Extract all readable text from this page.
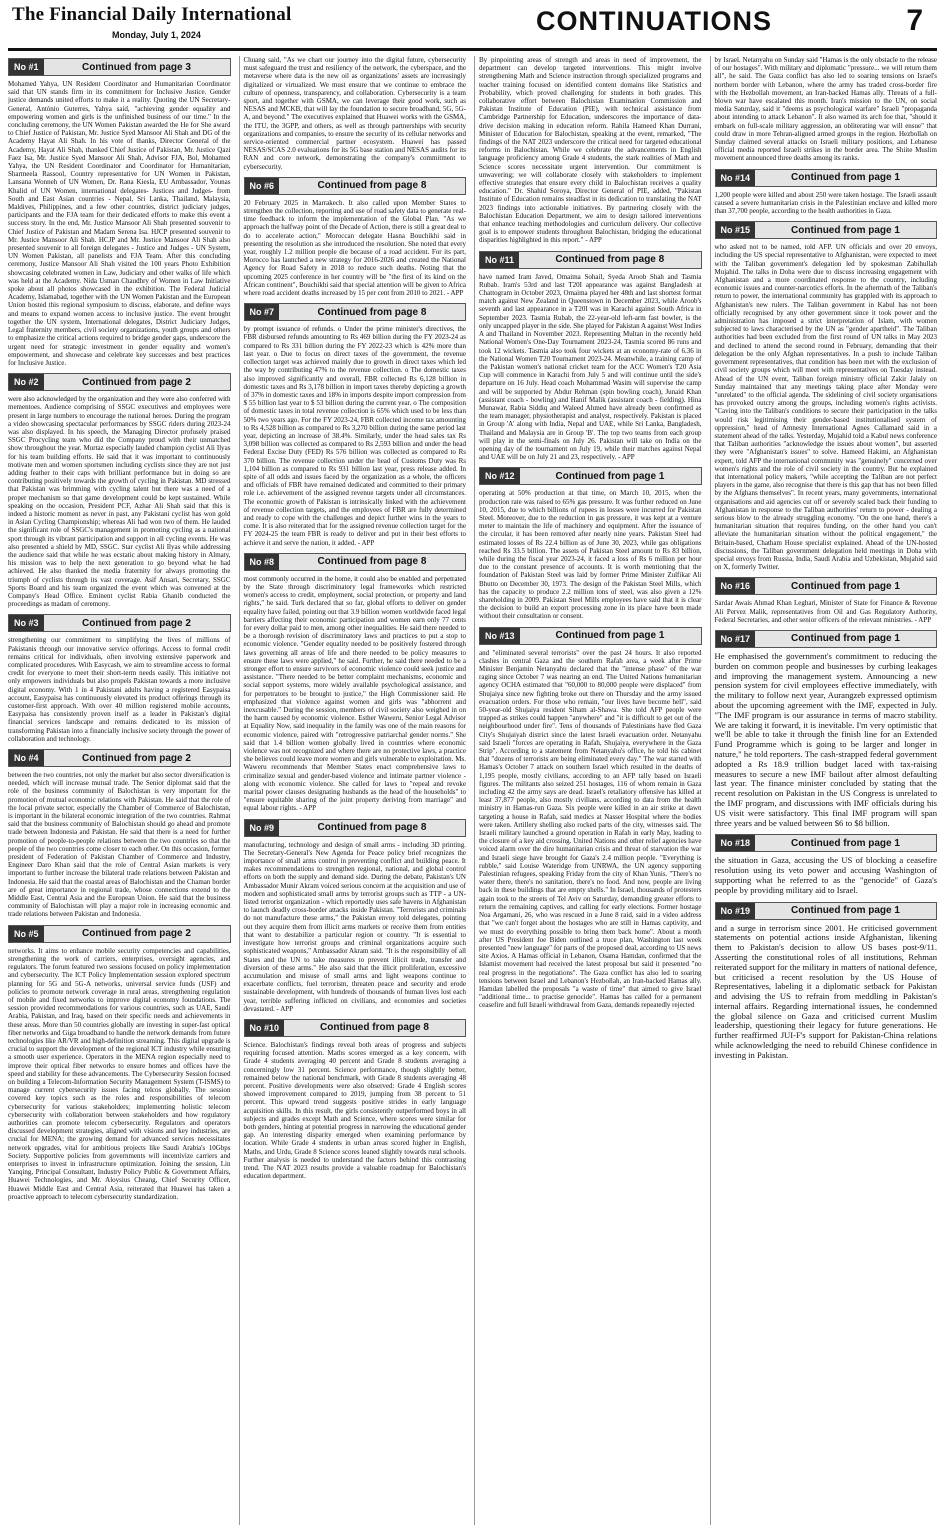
The Financial Daily International
Monday, July 1, 2024	CONTINUATIONS	7
No #1	Continued from page 3

Mohamed Yahya, UN Resident Coordinator and Humanitarian Coordinator said that UN stands firm in its commitment for Inclusive Justice. Gender justice demands united efforts to make it a reality. Quoting the UN Secretary-General, António Guterres, Yahya said, "achieving gender equality and empowering women and girls is the unfinished business of our time." In the concluding ceremony, the UN Women Pakistan awarded the He for She award to Chief Justice of Pakistan, Mr. Justice Syed Mansoor Ali Shah and DG of the Academy Hayat Ali Shah. In his vote of thanks, Director General of the Academy, Hayat Ali Shah, thanked Chief Justice of Pakistan, Mr. Justice Qazi Faez Isa, Mr. Justice Syed Mansoor Ali Shah, Advisor FJA, Bol, Mohamed Yahya, the UN Resident Coordinator and Coordinator for Humanitarian, Sharmeela Rassool, Country representative for UN Women in Pakistan, Lansana Wonneh of UN Women, Dr. Rana Kiesla, EU Ambassador, Younas Khalid of UN Women, international delegates- Justices and Judges- from South and East Asian countries - Nepal, Sri Lanka, Thailand, Malaysia, Maldives, Philippines, and a few other countries, district judiciary judges, participants and the FJA team for their dedicated efforts to make this event a success story. In the end, Mr. Justice Mansoor Ali Shah presented souvenir to Chief Justice of Pakistan and Madam Serena Isa. HJCP presented souvenir to Mr. Justice Mansoor Ali Shah. HCJP and Mr. Justice Mansoor Ali Shah also presented souvenir to all foreign delegates - Justice and Judges - UN System, UN Women Pakistan, all panelists and FJA Team. After this concluding ceremony, Justice Mansoor Ali Shah visited the 100 years Photo Exhibition showcasing celebrated women in Law, Judiciary and other walks of life which was held at the Academy. Nida Usman Chaudhry of Women in Law Initiative spoke about all photos showcased in the exhibition. The Federal Judicial Academy, Islamabad, together with the UN Women Pakistan and the European Union hosted this regional symposium to discuss, elaborate, and define ways and means to expand women access to inclusive justice. The event brought together the UN system, International delegates, District Judiciary Judges, Legal fraternity members, civil society organizations, youth groups and others to emphasize the critical actions required to bridge gender gaps, underscore the urgent need for strategic investment in gender equality and women's empowerment, and showcase and celebrate key successes and best practices for Inclusive Justice.

No #2	Continued from page 2

were also acknowledged by the organization and they were also conferred with mementoes. Audience comprising of SSGC executives and employees were present in large numbers to encourage the national heroes. During the program a video showcasing spectacular performances by SSGC riders during 2023-24 was also displayed. In his speech, the Managing Director profusely praised SSGC Procycling team who did the Company proud with their unmatched show throughout the year. Murtaz especially lauded champion cyclist Ali Ilyas for his team building efforts. He said that it was important to continuously motivate men and women sportsmen including cyclists since they are not just adding feather to their caps with brilliant performance but in doing so are contributing positively towards the growth of cycling in Pakistan. MD stressed that Pakistan was brimming with cycling talent but there was a need of a proper mechanism so that game development could be kept sustained. While speaking on the occasion, President PCF, Azhar Ali Shah said that this is indeed a historic moment as never in past, any Pakistani cyclist has won gold in Asian Cycling Championship; whereas Ali had won two of them. He lauded the significant role of SSGC's management in promoting cycling as a national sport through its vibrant participation and support in all cycling events. He was also presented a shield by MD, SSGC. Star cyclist Ali Ilyas while addressing the audience said that while he was ecstatic about making history in Almaty, his mission was to help the next generation to go beyond what he had achieved. He also thanked the media fraternity for always promoting the triumph of cyclists through its vast coverage. Asif Ansari, Secretary, SSGC Sports Board and his team organized the event which was convened at the Company's Head Office. Eminent cyclist Rabia Ghanib conducted the proceedings as madam of ceremony.

No #3	Continued from page 2

strengthening our commitment to simplifying the lives of millions of Pakistanis through our innovative service offerings. Access to formal credit remains critical for individuals, often involving extensive paperwork and complicated procedures. With Easycash, we aim to streamline access to formal credit for everyone to meet their short-term needs easily. This initiative not only empowers individuals but also propels Pakistan towards a more inclusive digital economy. With 1 in 4 Pakistani adults having a registered Easypaisa account, Easypaisa has continuously elevated its product offerings through its customer-first approach. With over 40 million registered mobile accounts, Easypaisa has consistently proven itself as a leader in Pakistan's digital financial services landscape and remains dedicated to its mission of transforming Pakistan into a financially inclusive society through the power of collaboration and technology.

No #4	Continued from page 2

between the two countries, not only the market but also sector diversification is needed, which will increase mutual trade. The Senior diplomat said that the role of the business community of Balochistan is very important for the promotion of mutual economic relations with Pakistan. He said that the role of the local private sector, especially the Chamber of Commerce of Balochistan, is important in the bilateral economic integration of the two countries. Rahmat said that the business community of Balochistan should go ahead and promote trade between Indonesia and Pakistan. He said that there is a need for further promotion of people-to-people relations between the two countries so that the people of the two countries come closer to each other. On this occasion, former president of Federation of Pakistan Chamber of Commerce and Industry, Engineer Daro Khan said that the role of Central Asian markets is very important to further increase the bilateral trade relations between Pakistan and Indonesia. He said that the coastal areas of Balochistan and the Chaman border are of great importance in regional trade, whose connections extend to the Middle East, Central Asia and the European Union. He said that the business community of Balochistan will play a major role in increasing economic and trade relations between Pakistan and Indonesia.

No #5	Continued from page 2

networks. It aims to enhance mobile security competencies and capabilities, strengthening the work of carriers, enterprises, oversight agencies, and regulators. The forum featured two sessions focused on policy implementation and cybersecurity. The ICT Policy Implementation session explored spectrum planning for 5G and 5G-A networks, universal service funds (USF) and policies to promote network coverage in rural areas, strengthening regulation of mobile and fixed networks to improve digital economy foundations. The session provided recommendations for various countries, such as UAE, Saudi Arabia, Pakistan, and Iraq, based on their specific needs and achievements in these areas. More than 50 countries globally are investing in super-fast optical fiber networks and Giga broadband to handle the network demands from future technologies like AR/VR and high-definition streaming. This digital upgrade is crucial to support the development of the regional ICT industry while ensuring a smooth user experience. Operators in the MENA region especially need to improve their optical fiber networks to ensure homes and offices have the speed and stability for these advancements. The Cybersecurity Session focused on building a Telecom-Information Security Management System (T-ISMS) to manage current cybersecurity issues facing telcos globally. The session covered key topics such as the roles and responsibilities of telecom cybersecurity for various stakeholders; implementing holistic telecom cybersecurity with collaboration between stakeholders and how regulatory authorities can promote telecom cybersecurity. Regulators and operators discussed development strategies, aligned with visions and key industries, are crucial for MENA; the growing demand for advanced services necessitates network upgrades, vital for ambitious projects like Saudi Arabia's 10Gbps Society. Supportive policies from governments will incentivize carriers and enterprises to invest in infrastructure optimization. Joining the session, Lin Yanqing, Principal Consultant, Industry Policy Public & Government Affairs, Huawei Technologies, and Mr. Aloysius Cheang, Chief Security Officer, Huawei Middle East and Central Asia, reiterated that Huawei has taken a proactive approach to telecom cybersecurity standardization.

Chuang said, "As we chart our journey into the digital future, cybersecurity must safeguard the trust and resiliency of the network, the cyberspace, and the metaverse where data is the new oil as organizations' assets are increasingly digitalized or virtualized. We must ensure that we continue to embrace the culture of openness, transparency, and collaboration. Cybersecurity is a team sport, and together with GSMA, we can leverage their good work, such as NESAS and MCKB, that will lay the foundation to secure broadband, 5G, 5G-A, and beyond." The executives explained that Huawei works with the GSMA, the ITU, the 3GPP, and others, as well as through partnerships with security organizations and companies, to ensure the security of its cellular networks and service-oriented commercial partner ecosystem. Huawei has passed NESAS/SCAS 2.0 evaluations for its 5G base station and NESAS audits for its RAN and core network, demonstrating the company's commitment to cybersecurity.

No #6	Continued from page 8

20 February 2025 in Marrakech. It also called upon Member States to strengthen the collection, reporting and use of road safety data to generate real-time feedback to inform the implementation of the Global Plan. "As we approach the halfway point of the Decade of Action, there is still a great deal to do to accelerate action," Moroccan delegate Hasna Bouchikhi said in presenting the resolution as she introduced the resolution. She noted that every year, roughly 1.2 million people die because of a road accident. For its part, Morocco has launched a new strategy for 2016-2026 and created the National Agency for Road Safety in 2018 to reduce such deaths. Noting that the upcoming 2025 conference in her country will be "the first of its kind on the African continent", Bouchikhi said that special attention will be given to Africa where road accident deaths increased by 15 per cent from 2010 to 2021. - APP

No #7	Continued from page 8

by prompt issuance of refunds. o Under the prime minister's directives, the FBR disbursed refunds amounting to Rs 469 billion during the FY 2023-24 as compared to Rs 331 billion during the FY 2022-23 which is 42% more than last year. o Due to focus on direct taxes of the government, the revenue collection target was achieved mainly due to growth in direct taxes which led the way by contributing 47% to the revenue collection. o The domestic taxes also improved significantly and overall, FBR collected Rs 6,128 billion in domestic taxes and Rs 3,178 billion in import taxes thereby depicting a growth of 37% in domestic taxes and 18% in imports despite import compression from $ 55 billion last year to $ 53 billion during the current year. o The composition of domestic taxes in total revenue collection is 65% which used to be less than 50% two years ago. For the FY 2023-24, FBR collected income tax amounting to Rs 4,528 billion as compared to Rs 3,270 billion during the same period last year, depicting an increase of 38.4%. Similarly, under the head sales tax Rs 3,098 billion was collected as compared to Rs 2,593 billion and under the head Federal Excise Duty (FED) Rs 576 billion was collected as compared to Rs 370 billion. The revenue collection under the head of Customs Duty was Rs 1,104 billion as compared to Rs 931 billion last year, press release added. In spite of all odds and issues faced by the organization as a whole, the officers and officials of FBR have remained dedicated and committed to their primary role i.e. achievement of the assigned revenue targets under all circumstances. The economic growth of Pakistan is intrinsically linked with the achievement of revenue collection targets, and the employees of FBR are fully determined and ready to cope with the challenges and depict further wins in the years to come. It is also reiterated that for the assigned revenue collection target for the FY 2024-25 the team FBR is ready to deliver and put in their best efforts to achieve it and serve the nation, it added. - APP

No #8	Continued from page 8

most commonly occurred in the home, it could also be enabled and perpetrated by the State through discriminatory legal frameworks which restricted women's access to credit, employment, social protection, or property and land rights," he said. Turk declared that so far, global efforts to deliver on gender equality have failed, pointing out that 3.9 billion women worldwide faced legal barriers affecting their economic participation and women earn only 77 cents for every dollar paid to men, among other inequalities. He said there needed to be a thorough revision of discriminatory laws and practices to put a stop to economic violence. "Gender equality needed to be positively fostered through laws governing all areas of life and there needed to be policy measures to ensure these laws were applied," he said. Further, he said there needed to be a stronger effort to ensure survivors of economic violence could seek justice and assistance. "There needed to be better complaint mechanisms, economic and social support systems, more widely available psychological assistance, and for perpetrators to be brought to justice," the High Commissioner said. He emphasized that violence against women and girls was "abhorrent and inexcusable." During the session, members of civil society also weighed in on the harm caused by economic violence. Esther Waweru, Senior Legal Advisor at Equality Now, said inequality in the family was one of the main reasons for economic violence, paired with "retrogressive patriarchal gender norms." She said that 1.4 billion women globally lived in countries where economic violence was not recognized and where there are no protective laws, a practice she believes could leave more women and girls vulnerable to exploitation. Ms. Waweru recommends that Member States enact comprehensive laws to criminalize sexual and gender-based violence and intimate partner violence - along with economic violence. She called for laws to "repeal and revoke marital power clauses designating husbands as the head of the households" to "ensure equitable sharing of the joint property deriving from marriage" and equal labour rights. - APP

No #9	Continued from page 8

manufacturing, technology and design of small arms - including 3D printing. The Secretary-General's New Agenda for Peace policy brief recognizes the importance of small arms control in preventing conflict and building peace. It makes recommendations to strengthen regional, national, and global control efforts on both the supply and demand side. During the debate, Pakistan's UN Ambassador Munir Akram voiced serious concern at the acquisition and use of modern and sophisticated small arms by terrorist groups such as TTP - a UN-listed terrorist organization - which reportedly uses safe havens in Afghanistan to launch deadly cross-border attacks inside Pakistan. "Terrorists and criminals do not manufacture these arms," the Pakistan envoy told delegates, pointing out they acquire them from illicit arms markets or receive them from entities that want to destabilize a particular region or country. "It is essential to investigate how terrorist groups and criminal organizations acquire such sophisticated weapons," Ambassador Akram said. "It is the responsibility of all States and the UN to take measures to prevent illicit trade, transfer and diversion of these arms." He also said that the illicit proliferation, excessive accumulation and misuse of small arms and light weapons continue to exacerbate conflicts, fuel terrorism, threaten peace and security and erode sustainable development, with hundreds of thousands of human lives lost each year, terrible suffering inflicted on civilians, and economies and societies devastated. - APP

No #10	Continued from page 8

Science. Balochistan's findings reveal both areas of progress and subjects requiring focused attention. Maths scores emerged as a key concern, with Grade 4 students averaging 40 percent and Grade 8 students averaging a concerningly low 31 percent. Science performance, though slightly better, remained below the national benchmark, with Grade 8 students averaging 48 percent. Positive developments were also observed: Grade 4 English scores showed improvement compared to 2019, jumping from 38 percent to 51 percent. This upward trend suggests positive strides in early language acquisition skills. In this result, the girls consistently outperformed boys in all subjects and grades except Math and Science, where scores were similar for both genders, hinting at potential progress in narrowing the educational gender gap. An interesting disparity emerged when examining performance by location. While Grade 4 students in urban areas scored higher in English, Maths, and Urdu, Grade 8 Science scores leaned slightly towards rural schools. Further analysis is needed to understand the factors behind this contrasting trend. The NAT 2023 results provide a valuable roadmap for Balochistan's education department.

By pinpointing areas of strength and areas in need of improvement, the department can develop targeted interventions. This might involve strengthening Math and Science instruction through specialized programs and teacher training focused on identified content domains like Statistics and Probability, which proved challenging for students in both grades. This collaborative effort between Balochistan Examination Commission and Pakistan Institute of Education (PIE), with technical assistance from Cambridge Partnership for Education, underscores the importance of data-drive decision making in education reform. Rahila Hameed Khan Durrani, Minister of Education for Balochistan, speaking at the event, remarked, "The findings of the NAT 2023 underscore the critical need for targeted educational reforms in Balochistan. While we celebrate the advancements in English language proficiency among Grade 4 students, the stark realities of Math and Science scores necessitate urgent intervention. Our commitment is unwavering; we will collaborate closely with stakeholders to implement effective strategies that ensure every child in Balochistan receives a quality education." Dr. Shahid Soroya, Director General of PIE, added, "Pakistan Institute of Education remains steadfast in its dedication to translating the NAT 2023 findings into actionable initiatives. By partnering closely with the Balochistan Education Department, we aim to design tailored interventions that enhance teaching methodologies and curriculum delivery. Our collective goal is to empower students throughout Balochistan, bridging the educational disparities highlighted in this report." - APP

No #11	Continued from page 8

have named Iram Javed, Omaima Sohail, Syeda Aroob Shah and Tasmia Rubab. Iram's 53rd and last T20I appearance was against Bangladesh at Chattogram in October 2023, Omaima played her 48th and last shortest format match against New Zealand in Queenstown in December 2023, while Aroob's seventh and last appearance in a T20I was in Karachi against South Africa in September 2023. Tasmia Rubab, the 22-year-old left-arm fast bowler, is the only uncapped player in the side. She played for Pakistan A against West Indies A and Thailand in November 2023. Representing Multan in the recently held National Women's One-Day Tournament 2023-24, Tasmia scored 86 runs and took 12 wickets. Tasmia also took four wickets at an economy-rate of 6.36 in the National Women T20 Tournament 2023-24. Meanwhile, a training camp of the Pakistan women's national cricket team for the ACC Women's T20 Asia Cup will commence in Karachi from July 5 and will continue until the side's departure on 16 July. Head coach Mohammad Wasim will supervise the camp and will be supported by Abdur Rehman (spin bowling coach), Junaid Khan (assistant coach - bowling) and Hanif Malik (assistant coach - fielding). Hina Munawar, Rabia Siddiq and Waleed Ahmed have already been confirmed as the team manager, physiotherapist and analyst, respectively. Pakistan is placed in Group 'A' along with India, Nepal and UAE, while Sri Lanka, Bangladesh, Thailand and Malaysia are in Group 'B'. The top two teams from each group will play in the semi-finals on July 26. Pakistan will take on India on the opening day of the tournament on July 19, while their matches against Nepal and UAE will be on July 21 and 23, respectively. - APP

No #12	Continued from page 1

operating at 50% production at that time, on March 10, 2015, when the production rate was raised to 65% gas pressure. It was further reduced on June 10, 2015, due to which billions of rupees in losses were incurred for Pakistan Steel. Moreover, due to the reduction in gas pressure, it was kept at a venture meter to maintain the life of machinery and equipment. After the issuance of the circular, it has been removed after nearly nine years. Pakistan Steel had estimated losses of Rs 22.4 billion as of June 30, 2023, while gas obligations reached Rs 33.5 billion. The assets of Pakistan Steel amount to Rs 83 billion, while during the fiscal year 2023-24, it faced a loss of Rs 6 million per hour due to the constant presence of accounts. It is worth mentioning that the foundation of Pakistan Steel was laid by former Prime Minister Zulfikar Ali Bhutto on December 30, 1973. The design of the Pakistan Steel Mills, which has the capacity to produce 2.2 million tons of steel, was also given a 12% shareholding in 2009. Pakistan Steel Mills employees have said that it is clear the decision to build an export processing zone in its place have been made without their consultation or consent.

No #13	Continued from page 1

and "eliminated several terrorists" over the past 24 hours. It also reported clashes in central Gaza and the southern Rafah area, a week after Prime Minister Benjamin Netanyahu declared that the "intense phase" of the war raging since October 7 was nearing an end. The United Nations humanitarian agency OCHA estimated that "60,000 to 80,000 people were displaced" from Shujaiya since new fighting broke out there on Thursday and the army issued evacuation orders. For those who remain, "our lives have become hell", said 50-year-old Shujaiya resident Siham al-Shawa. She told AFP people were trapped as strikes could happen "anywhere" and "it is difficult to get out of the neighbourhood under fire". Tens of thousands of Palestinians have fled Gaza City's Shujaiyah district since the latest Israeli evacuation order. Netanyahu said Israeli "forces are operating in Rafah, Shujaiya, everywhere in the Gaza Strip". According to a statement from Netanyahu's office, he told his cabinet that "dozens of terrorists are being eliminated every day." The war started with Hamas's October 7 attack on southern Israel which resulted in the deaths of 1,195 people, mostly civilians, according to an AFP tally based on Israeli figures. The militants also seized 251 hostages, 116 of whom remain in Gaza including 42 the army says are dead. Israel's retaliatory offensive has killed at least 37,877 people, also mostly civilians, according to data from the health ministry in Hamas-run Gaza. Six people were killed in an air strike at dawn targeting a house in Rafah, said medics at Nasser Hospital where the bodies were taken. Artillery shelling also rocked parts of the city, witnesses said. The Israeli military launched a ground operation in Rafah in early May, leading to the closure of a key aid crossing. United Nations and other relief agencies have voiced alarm over the dire humanitarian crisis and threat of starvation the war and Israeli siege have brought for Gaza's 2.4 million people. "Everything is rubble," said Louise Wateridge from UNRWA, the UN agency supporting Palestinian refugees, speaking Friday from the city of Khan Yunis. "There's no water there, there's no sanitation, there's no food. And now, people are living back in these buildings that are empty shells." In Israel, thousands of protesters again took to the streets of Tel Aviv on Saturday, demanding greater efforts to return the remaining captives, and calling for early elections. Former hostage Noa Argamani, 26, who was rescued in a June 8 raid, said in a video address that "we can't forget about the hostages who are still in Hamas captivity, and we must do everything possible to bring them back home". About a month after US President Joe Biden outlined a truce plan, Washington last week presented "new language" for parts of the proposed deal, according to US news site Axios. A Hamas official in Lebanon, Osama Hamdan, confirmed that the Islamist movement had received the latest proposal but said it presented "no real progress in the negotiations". The Gaza conflict has also led to soaring tensions between Israel and Lebanon's Hezbollah, an Iran-backed Hamas ally. Hamdan labelled the proposals "a waste of time" that aimed to give Israel "additional time... to practise genocide". Hamas has called for a permanent ceasefire and full Israeli withdrawal from Gaza, demands repeatedly rejected

by Israel. Netanyahu on Sunday said "Hamas is the only obstacle to the release of our hostages". With military and diplomatic "pressure... we will return them all", he said. The Gaza conflict has also led to soaring tensions on Israel's northern border with Lebanon, where the army has traded cross-border fire with the Hezbollah movement, an Iran-backed Hamas ally. Threats of a full-blown war have escalated this month. Iran's mission to the UN, on social media Saturday, said it "deems as psychological warfare" Israeli "propaganda about intending to attack Lebanon". It also warned its arch foe that, "should it embark on full-scale military aggression, an obliterating war will ensue" that could draw in more Tehran-aligned armed groups in the region. Hezbollah on Sunday claimed several attacks on Israeli military positions, and Lebanese official media reported Israeli strikes in the border area. The Shiite Muslim movement announced three deaths among its ranks.

No #14	Continued from page 1

1,200 people were killed and about 250 were taken hostage. The Israeli assault caused a severe humanitarian crisis in the Palestinian enclave and killed more than 37,700 people, according to the health authorities in Gaza.

No #15	Continued from page 1

who asked not to be named, told AFP. UN officials and over 20 envoys, including the US special representative to Afghanistan, were expected to meet with the Taliban government's delegation led by spokesman Zabihullah Mujahid. The talks in Doha were due to discuss increasing engagement with Afghanistan and a more coordinated response to the country, including economic issues and counter-narcotics efforts. In the aftermath of the Taliban's return to power, the international community has grappled with its approach to Afghanistan's new rulers. The Taliban government in Kabul has not been officially recognised by any other government since it took power and the administration has imposed a strict interpretation of Islam, with women subjected to laws characterised by the UN as "gender apartheid". The Taliban authorities had been excluded from the first round of UN talks in May 2023 and declined to attend the second round in February, demanding that their delegation be the only Afghan representatives. In a push to include Taliban government representatives, that condition has been met with the exclusion of civil society groups which will meet with representatives on Tuesday instead. Ahead of the UN event, Taliban foreign ministry official Zakir Jalaly on Sunday maintained that any meetings taking place after Monday were "unrelated" to the official agenda. The sidelining of civil society organisations has provoked outcry among the groups, including women's rights activists. "Caving into the Taliban's conditions to secure their participation in the talks would risk legitimising their gender-based institutionalised system of oppression," head of Amnesty International Agnes Callamard said in a statement ahead of the talks. Yesterday, Mujahid told a Kabul news conference that Taliban authorities "acknowledge the issues about women", but asserted they were "Afghanistan's issues" to solve. Hameed Hakimi, an Afghanistan expert, told AFP the international community was "genuinely" concerned over women's rights and the role of civil society in the country. But he explained that international policy makers, "while accepting the Taliban are not perfect players in the game, also recognise that there is this gap that has not been filled by the Afghans themselves". In recent years, many governments, international organisations and aid agencies cut off or severely scaled back their funding to Afghanistan in response to the Taliban authorities' return to power - dealing a serious blow to the already struggling economy. "On the one hand, there's a humanitarian situation that requires funding, on the other hand you can't alleviate the humanitarian situation without the political engagement," the Britain-based, Chatham House specialist explained. Ahead of the UN-hosted discussions, the Taliban government delegation held meetings in Doha with special envoys from Russia, India, Saudi Arabia and Uzbekistan, Mujahid said on X, formerly Twitter.

No #16	Continued from page 1

Sardar Awais Ahmad Khan Leghari, Minister of State for Finance & Revenue Ali Pervez Malik, representatives from Oil and Gas Regulatory Authority, Federal Secretaries, and other senior officers of the relevant ministries. - APP

No #17	Continued from page 1

He emphasised the government's commitment to reducing the burden on common people and businesses by curbing leakages and improving the management system. Announcing a new pension system for civil employees effective immediately, with the military to follow next year, Aurangzeb expressed optimism about the upcoming agreement with the IMF, expected in July. "The IMF program is our assurance in terms of macro stability. We are taking it forward, it is inevitable. I'm very optimistic that we'll be able to take it through the finish line for an Extended Fund Programme which is going to be larger and longer in nature," he told reporters. The cash-strapped federal government adopted a Rs 18.9 trillion budget laced with tax-raising measures to secure a new IMF bailout after almost defaulting last year. The finance minister concluded by stating that the recent resolution on Pakistan in the US Congress is unrelated to the IMF program, and discussions with IMF officials during his US visit were satisfactory. This final IMF program will span three years and be valued between $6 to $8 billion.

No #18	Continued from page 1

the situation in Gaza, accusing the US of blocking a ceasefire resolution using its veto power and accusing Washington of supporting what he referred to as the "genocide" of Gaza's people by providing military aid to Israel.

No #19	Continued from page 1

and a surge in terrorism since 2001. He criticised government statements on potential actions inside Afghanistan, likening them to Pakistan's decision to allow US bases post-9/11. Asserting the constitutional roles of all institutions, Rehman reiterated support for the military in matters of national defence, but criticised a recent resolution by the US House of Representatives, labeling it a diplomatic setback for Pakistan and advising the US to refrain from meddling in Pakistan's internal affairs. Regarding international issues, he condemned the global silence on Gaza and criticised current Muslim leadership, questioning their legacy for future generations. He further reaffirmed JUI-F's support for Pakistan-China relations while acknowledging the need to rebuild Chinese confidence in investing in Pakistan.
